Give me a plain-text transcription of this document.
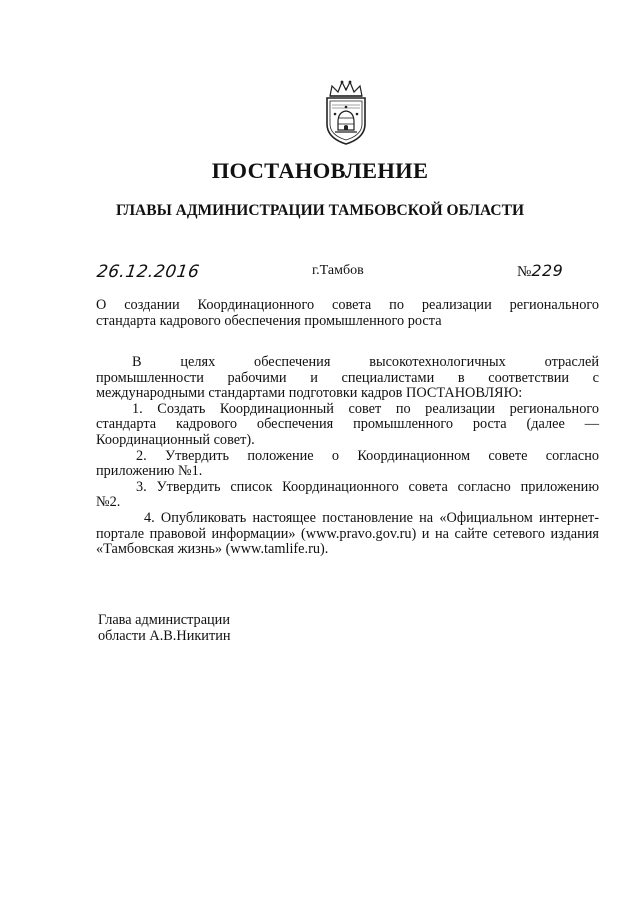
ПОСТАНОВЛЕНИЕ
ГЛАВЫ АДМИНИСТРАЦИИ ТАМБОВСКОЙ ОБЛАСТИ
26.12.2016	г.Тамбов	№229
О создании Координационного совета по реализации регионального
стандарта кадрового обеспечения промышленного роста
В целях обеспечения высокотехнологичных отраслей
промышленности рабочими и специалистами в соответствии с
международными стандартами подготовки кадров ПОСТАНОВЛЯЮ:
1. Создать Координационный совет по реализации регионального
стандарта кадрового обеспечения промышленного роста (далее —
Координационный совет).
2. Утвердить положение о Координационном совете согласно
приложению №1.
3. Утвердить список Координационного совета согласно приложению
№2.
4. Опубликовать настоящее постановление на «Официальном интернет-
портале правовой информации» (www.pravo.gov.ru) и на сайте сетевого издания
«Тамбовская жизнь» (www.tamlife.ru).
Глава администрации
области А.В.Никитин
